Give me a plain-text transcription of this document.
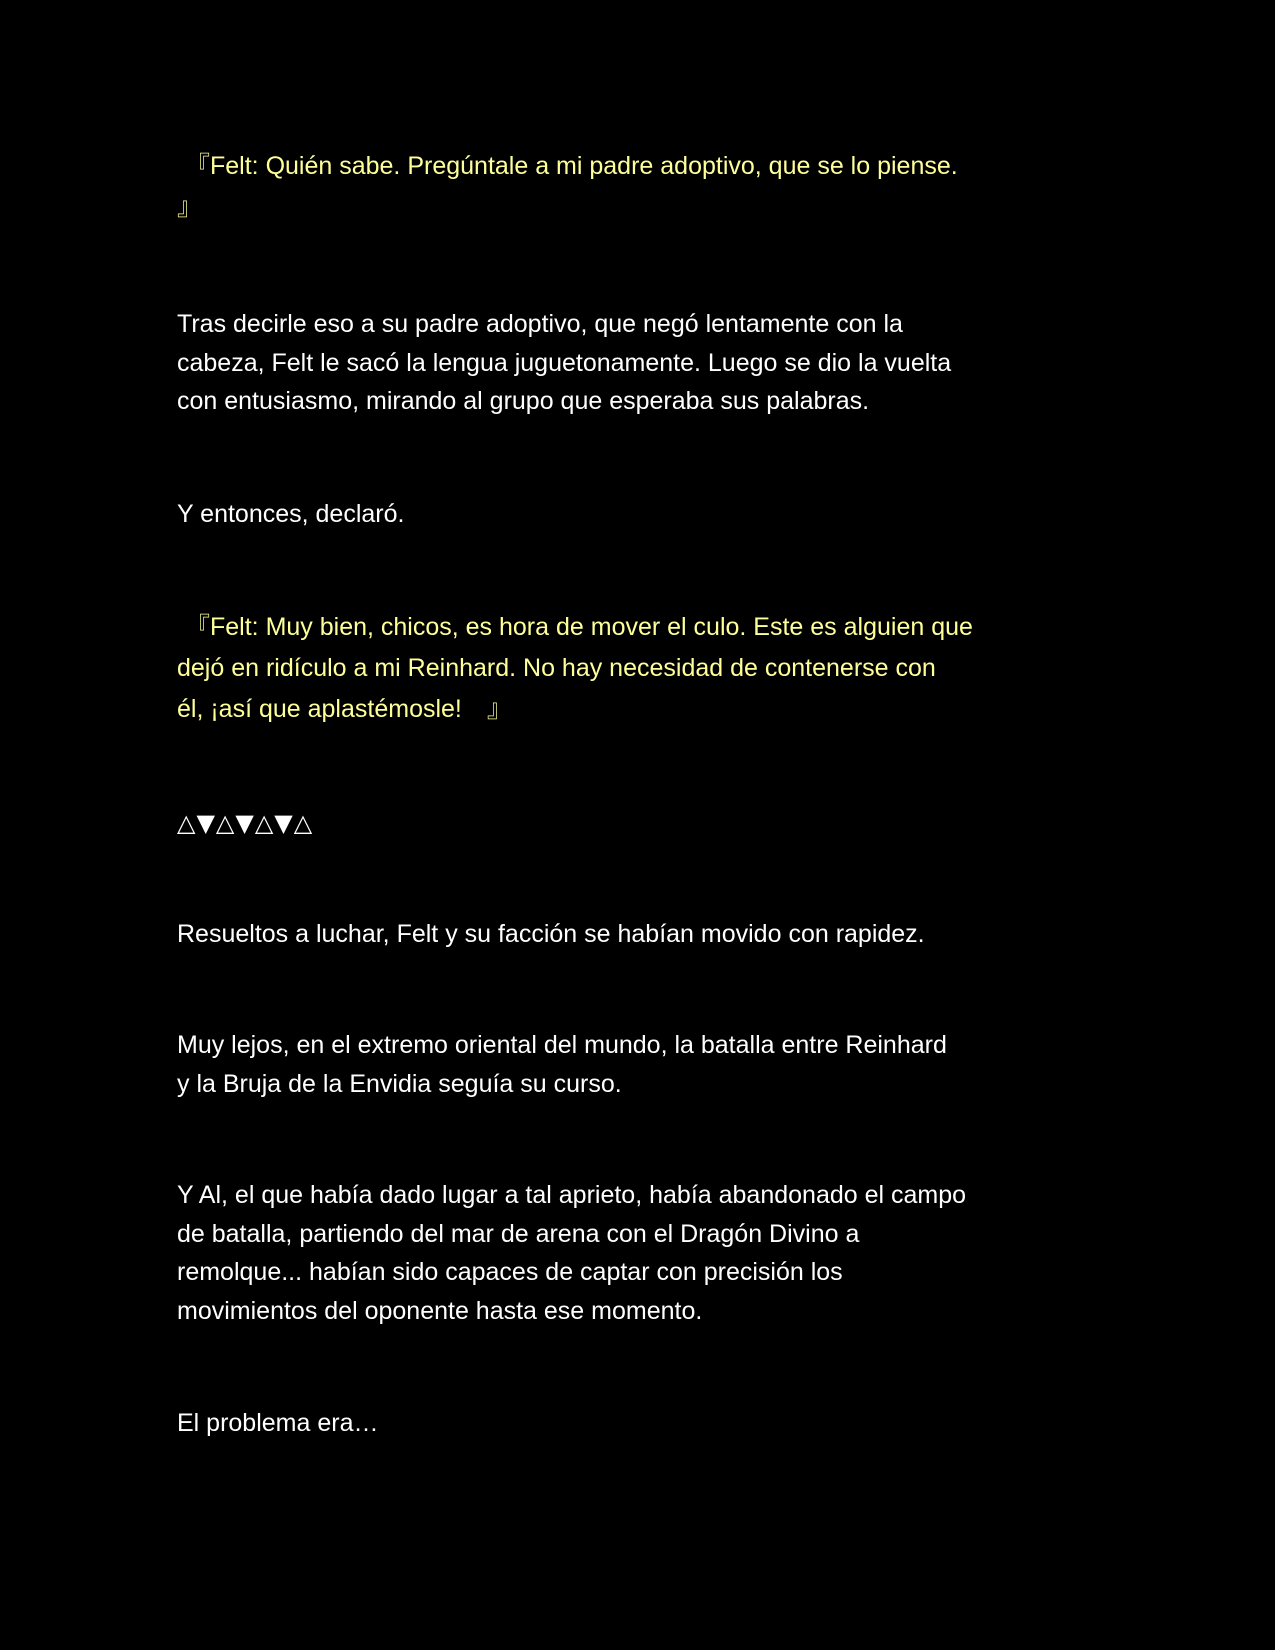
『Felt: Quién sabe. Pregúntale a mi padre adoptivo, que se lo piense.
』

Tras decirle eso a su padre adoptivo, que negó lentamente con la
cabeza, Felt le sacó la lengua juguetonamente. Luego se dio la vuelta
con entusiasmo, mirando al grupo que esperaba sus palabras.

Y entonces, declaró.

『Felt: Muy bien, chicos, es hora de mover el culo. Este es alguien que
dejó en ridículo a mi Reinhard. No hay necesidad de contenerse con
él, ¡así que aplastémosle!　』

△▼△▼△▼△

Resueltos a luchar, Felt y su facción se habían movido con rapidez.

Muy lejos, en el extremo oriental del mundo, la batalla entre Reinhard
y la Bruja de la Envidia seguía su curso.

Y Al, el que había dado lugar a tal aprieto, había abandonado el campo
de batalla, partiendo del mar de arena con el Dragón Divino a
remolque... habían sido capaces de captar con precisión los
movimientos del oponente hasta ese momento.

El problema era…
